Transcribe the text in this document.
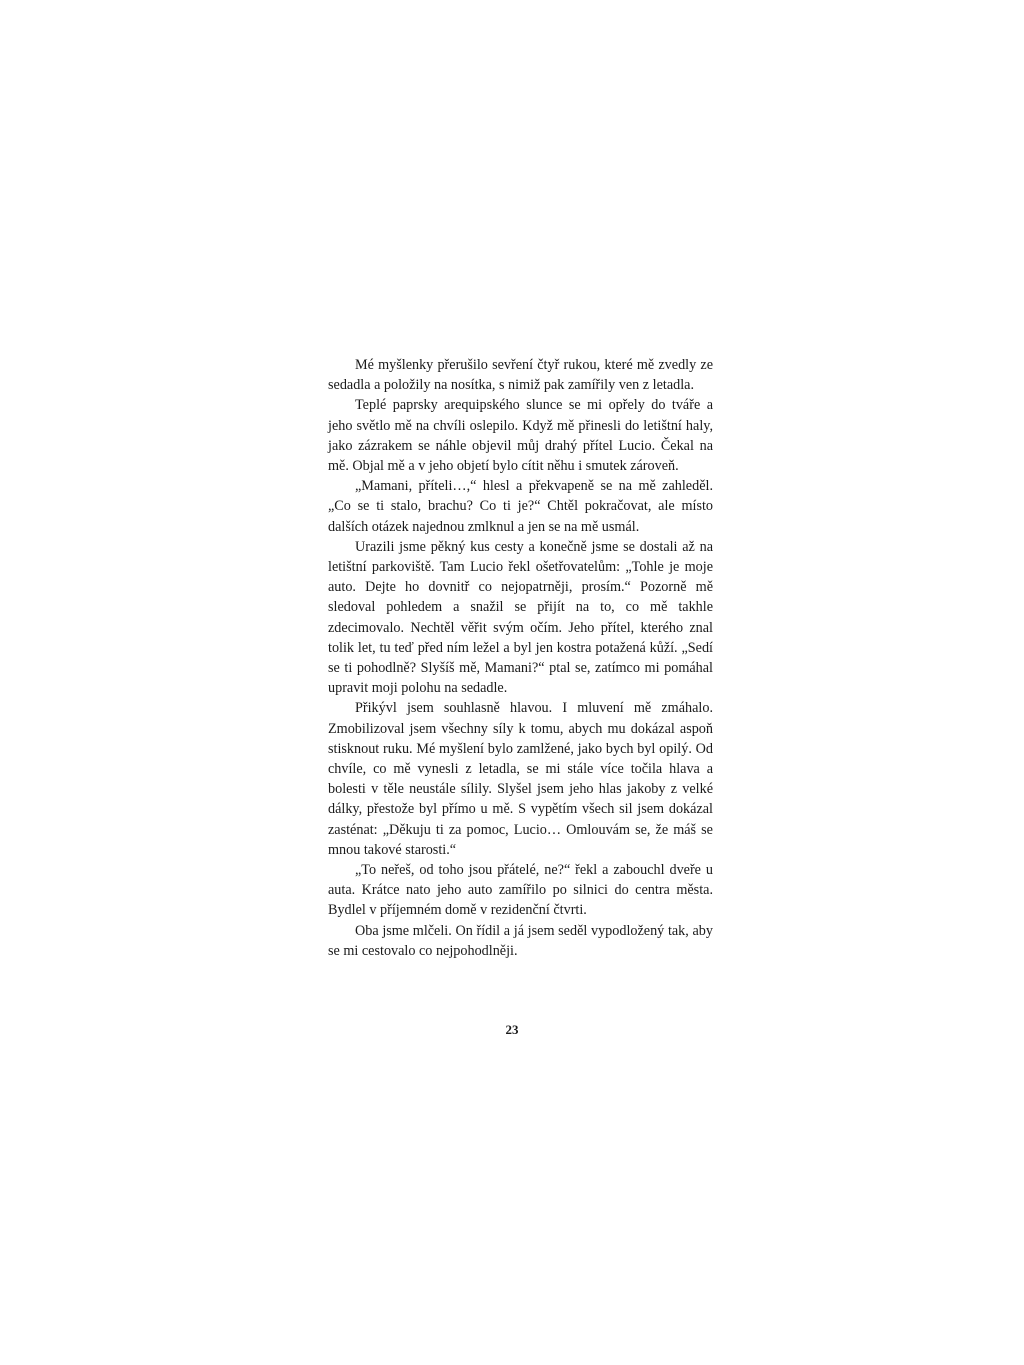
Mé myšlenky přerušilo sevření čtyř rukou, které mě zvedly ze sedadla a položily na nosítka, s nimiž pak zamířily ven z letadla.

Teplé paprsky arequipského slunce se mi opřely do tváře a jeho světlo mě na chvíli oslepilo. Když mě přinesli do letištní haly, jako zázrakem se náhle objevil můj drahý přítel Lucio. Čekal na mě. Objal mě a v jeho objetí bylo cítit něhu i smutek zároveň.

„Mamani, příteli…,“ hlesl a překvapeně se na mě zahleděl. „Co se ti stalo, brachu? Co ti je?“ Chtěl pokračovat, ale místo dalších otázek najednou zmlknul a jen se na mě usmál.

Urazili jsme pěkný kus cesty a konečně jsme se dostali až na letištní parkoviště. Tam Lucio řekl ošetřovatelům: „Tohle je moje auto. Dejte ho dovnitř co nejopatrněji, prosím.“ Pozorně mě sledoval pohledem a snažil se přijít na to, co mě takhle zdecimovalo. Nechtěl věřit svým očím. Jeho přítel, kterého znal tolik let, tu teď před ním ležel a byl jen kostra potažená kůží. „Sedí se ti pohodlně? Slyšíš mě, Mamani?“ ptal se, zatímco mi pomáhal upravit moji polohu na sedadle.

Přikývl jsem souhlasně hlavou. I mluvení mě zmáhalo. Zmobilizoval jsem všechny síly k tomu, abych mu dokázal aspoň stisknout ruku. Mé myšlení bylo zamlžené, jako bych byl opilý. Od chvíle, co mě vynesli z letadla, se mi stále více točila hlava a bolesti v těle neustále sílily. Slyšel jsem jeho hlas jakoby z velké dálky, přestože byl přímo u mě. S vypětím všech sil jsem dokázal zasténat: „Děkuju ti za pomoc, Lucio… Omlouvám se, že máš se mnou takové starosti.“

„To neřeš, od toho jsou přátelé, ne?“ řekl a zabouchl dveře u auta. Krátce nato jeho auto zamířilo po silnici do centra města. Bydlel v příjemném domě v rezidenční čtvrti.

Oba jsme mlčeli. On řídil a já jsem seděl vypodložený tak, aby se mi cestovalo co nejpohodlněji.

23
